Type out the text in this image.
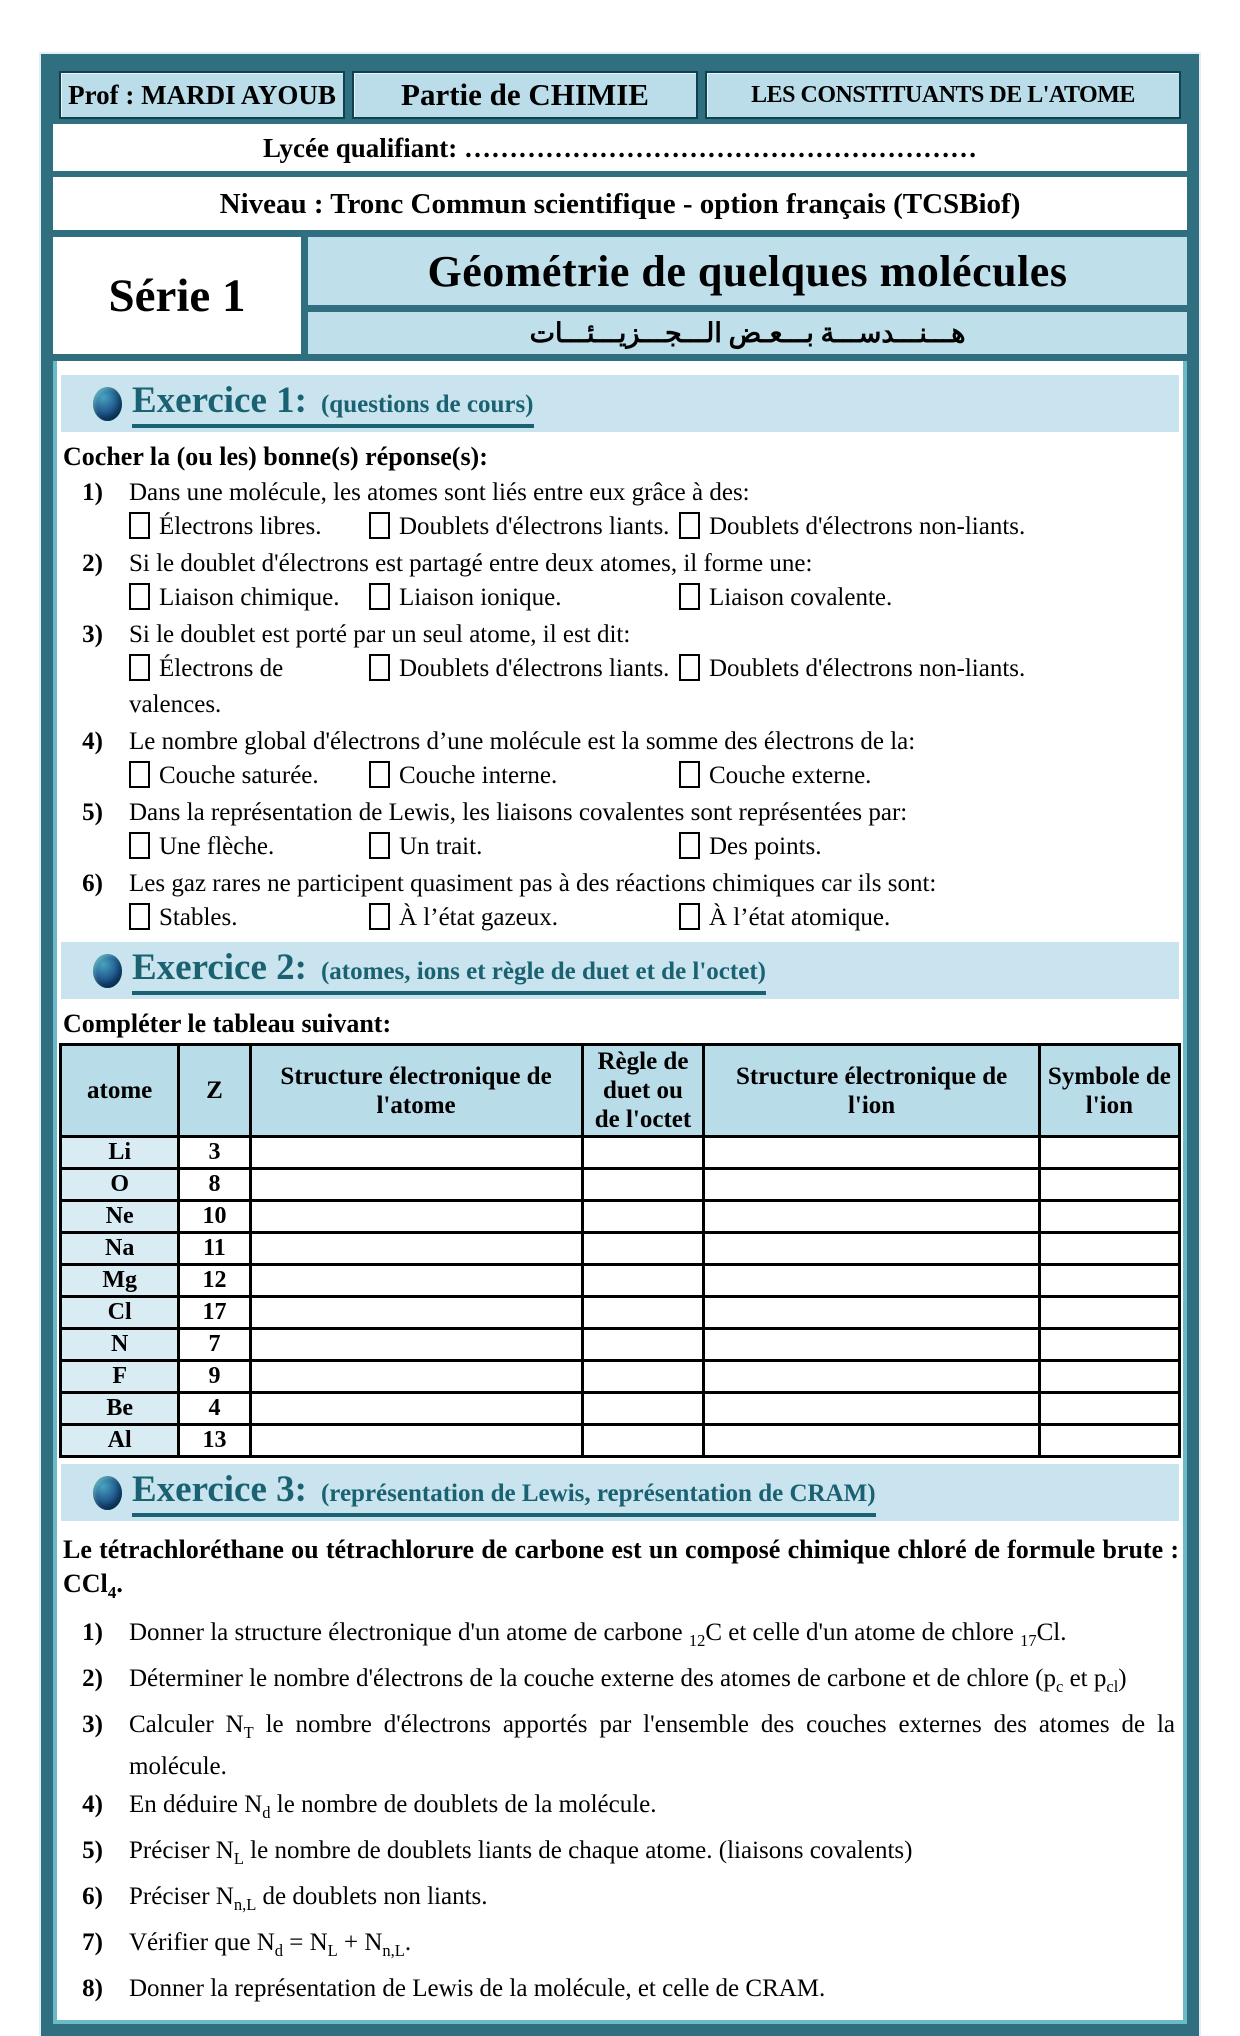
Prof : MARDI AYOUB	Partie de CHIMIE	LES CONSTITUANTS DE L'ATOME
Lycée qualifiant: …………………………………………………
Niveau : Tronc Commun scientifique - option français (TCSBiof)
Série 1	Géométrie de quelques molécules
هـــنـــدســـة بـــعـض الـــجـــزيـــئـــات
Exercice 1: (questions de cours)
Cocher la (ou les) bonne(s) réponse(s):
1) Dans une molécule, les atomes sont liés entre eux grâce à des:
Électrons libres.	Doublets d'électrons liants.	Doublets d'électrons non-liants.
2) Si le doublet d'électrons est partagé entre deux atomes, il forme une:
Liaison chimique.	Liaison ionique.	Liaison covalente.
3) Si le doublet est porté par un seul atome, il est dit:
Électrons de valences.
Doublets d'électrons liants.	Doublets d'électrons non-liants.
4) Le nombre global d'électrons d’une molécule est la somme des électrons de la:
Couche saturée.	Couche interne.	Couche externe.
5) Dans la représentation de Lewis, les liaisons covalentes sont représentées par:
Une flèche.	Un trait.	Des points.
6) Les gaz rares ne participent quasiment pas à des réactions chimiques car ils sont:
Stables.	À l’état gazeux.	À l’état atomique.
Exercice 2: (atomes, ions et règle de duet et de l'octet)
Compléter le tableau suivant:
atome	Z	Structure électronique de l'atome	Règle de duet ou de l'octet	Structure électronique de l'ion	Symbole de l'ion
Li	3				
O	8				
Ne	10				
Na	11				
Mg	12				
Cl	17				
N	7				
F	9				
Be	4				
Al	13				
Exercice 3: (représentation de Lewis, représentation de CRAM)
Le tétrachloréthane ou tétrachlorure de carbone est un composé chimique chloré de formule brute : CCl$_4$.
1) Donner la structure électronique d'un atome de carbone $_{12}$C et celle d'un atome de chlore $_{17}$Cl.
2) Déterminer le nombre d'électrons de la couche externe des atomes de carbone et de chlore ($p_c$ et $p_{cl}$)
3) Calculer $N_T$ le nombre d'électrons apportés par l'ensemble des couches externes des atomes de la molécule.
4) En déduire $N_d$ le nombre de doublets de la molécule.
5) Préciser $N_L$ le nombre de doublets liants de chaque atome. (liaisons covalents)
6) Préciser $N_{n,L}$ de doublets non liants.
7) Vérifier que $N_d = N_L + N_{n,L}$.
8) Donner la représentation de Lewis de la molécule, et celle de CRAM.
